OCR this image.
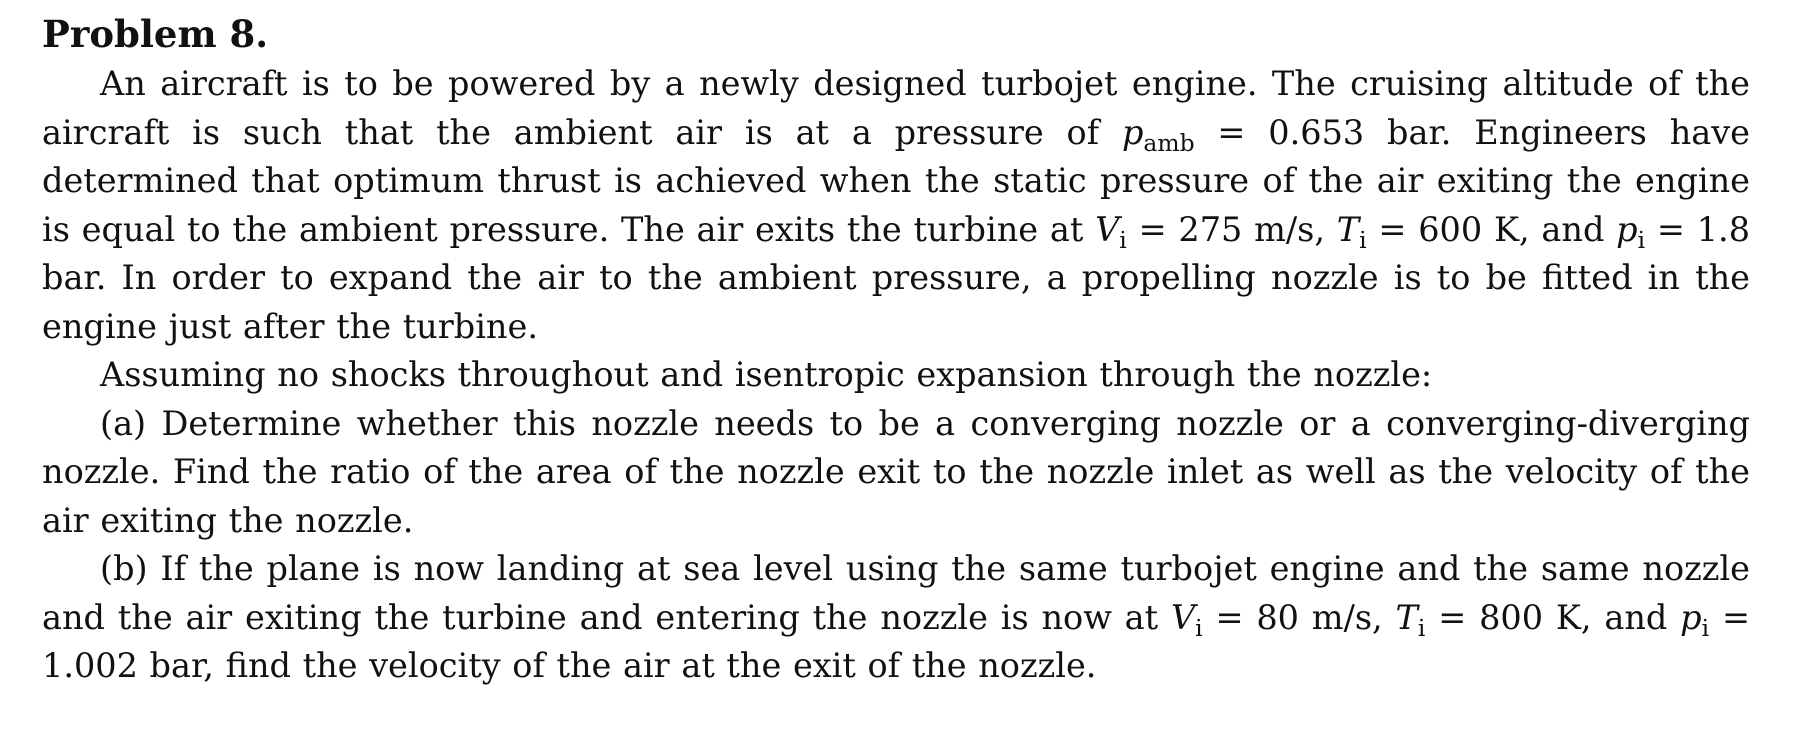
Problem 8.

An aircraft is to be powered by a newly designed turbojet engine. The cruising altitude of the aircraft is such that the ambient air is at a pressure of $p_{amb} = 0.653$ bar. Engineers have determined that optimum thrust is achieved when the static pressure of the air exiting the engine is equal to the ambient pressure. The air exits the turbine at $V_i = 275$ m/s, $T_i = 600$ K, and $p_i = 1.8$ bar. In order to expand the air to the ambient pressure, a propelling nozzle is to be fitted in the engine just after the turbine.

Assuming no shocks throughout and isentropic expansion through the nozzle:

(a) Determine whether this nozzle needs to be a converging nozzle or a converging-diverging nozzle. Find the ratio of the area of the nozzle exit to the nozzle inlet as well as the velocity of the air exiting the nozzle.

(b) If the plane is now landing at sea level using the same turbojet engine and the same nozzle and the air exiting the turbine and entering the nozzle is now at $V_i = 80$ m/s, $T_i = 800$ K, and $p_i = 1.002$ bar, find the velocity of the air at the exit of the nozzle.
